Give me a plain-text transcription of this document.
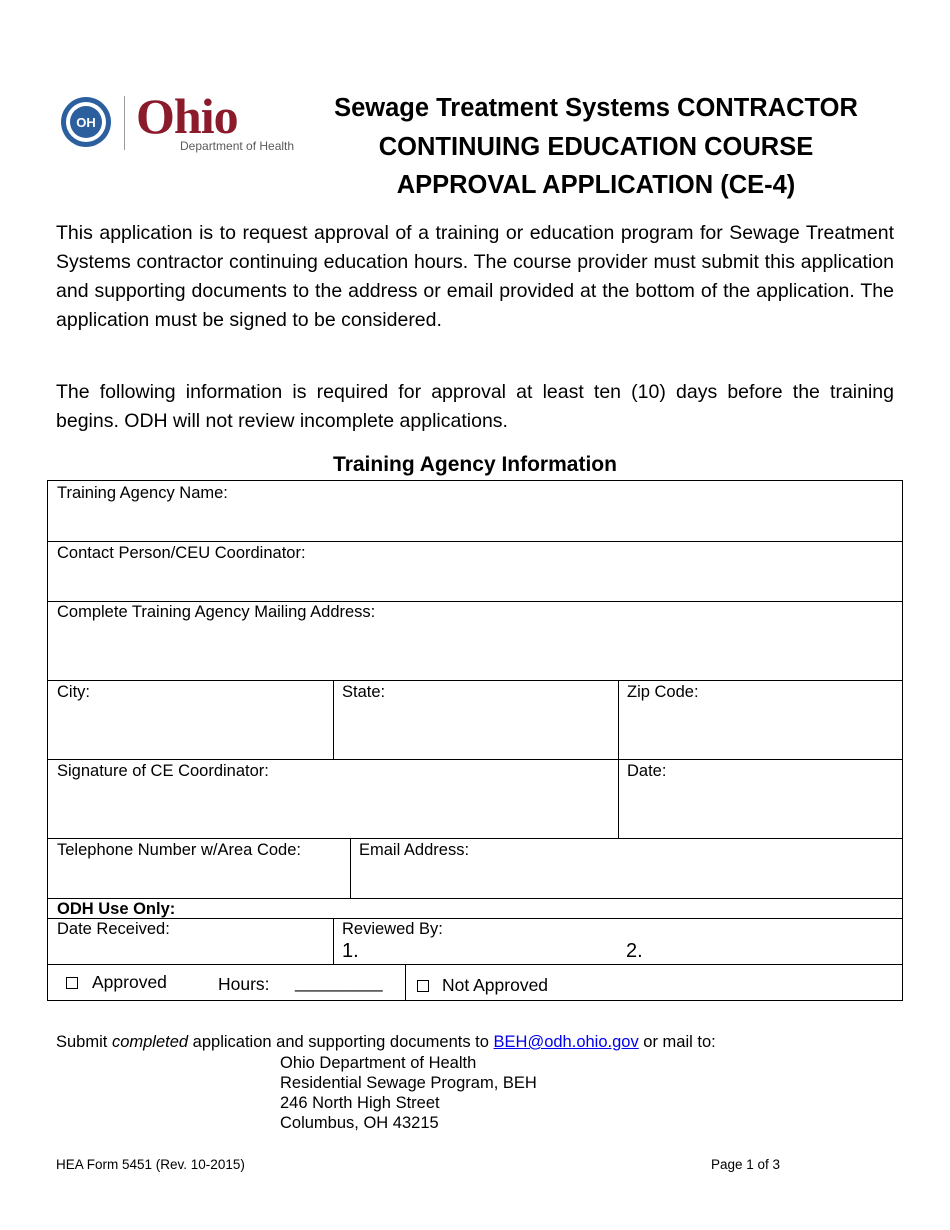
OH Ohio
Department of Health
Sewage Treatment Systems CONTRACTOR
CONTINUING EDUCATION COURSE
APPROVAL APPLICATION (CE-4)

This application is to request approval of a training or education program for Sewage Treatment Systems contractor continuing education hours. The course provider must submit this application and supporting documents to the address or email provided at the bottom of the application. The application must be signed to be considered.

The following information is required for approval at least ten (10) days before the training begins. ODH will not review incomplete applications.

Training Agency Information
Training Agency Name:
Contact Person/CEU Coordinator:
Complete Training Agency Mailing Address:
City:	State:	Zip Code:
Signature of CE Coordinator:	Date:
Telephone Number w/Area Code:	Email Address:
ODH Use Only:
Date Received:	Reviewed By:
1.	2.
Approved	Hours: _________	Not Approved
Submit completed application and supporting documents to BEH@odh.ohio.gov or mail to:
Ohio Department of Health
Residential Sewage Program, BEH
246 North High Street
Columbus, OH 43215
HEA Form 5451 (Rev. 10-2015)	Page 1 of 3
